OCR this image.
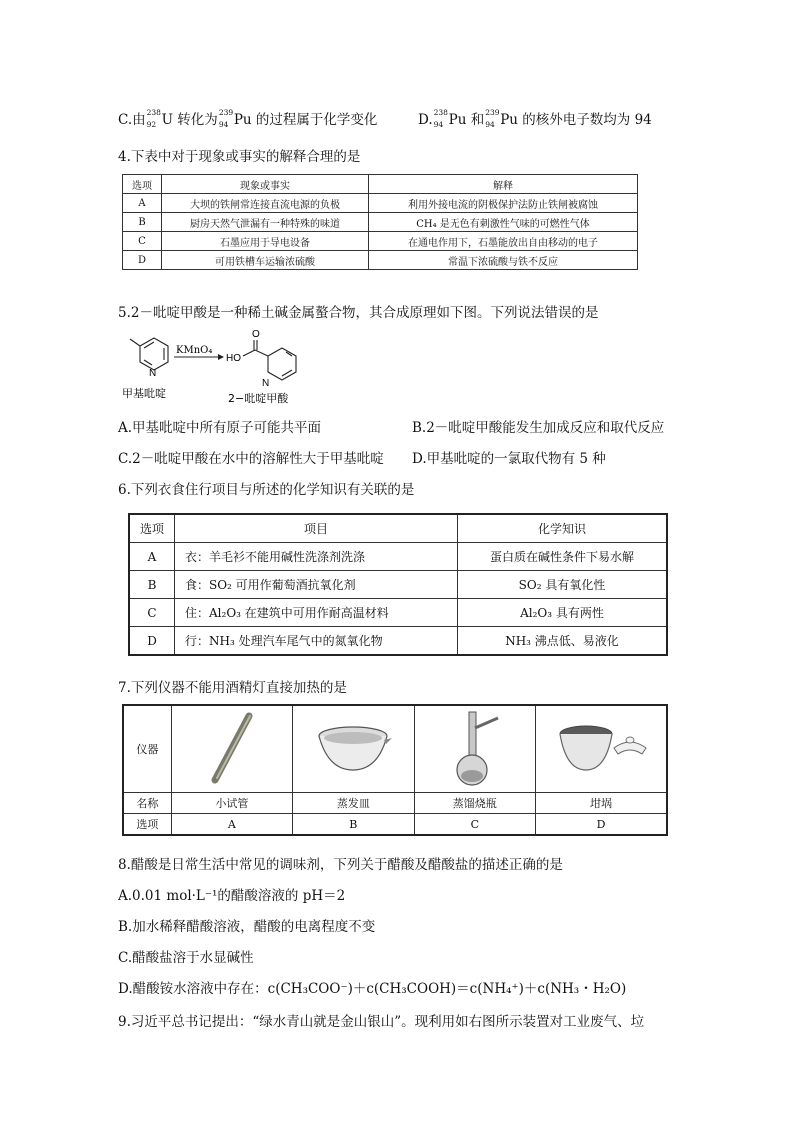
C.由 238
92 U 转化为 239
94 Pu 的过程属于化学变化	D. 238
94 Pu 和 239
94 Pu 的核外电子数均为 94
4.下表中对于现象或事实的解释合理的是
选项	现象或事实	解释
A	大坝的铁闸常连接直流电源的负极	利用外接电流的阴极保护法防止铁闸被腐蚀
B	厨房天然气泄漏有一种特殊的味道	CH₄ 是无色有刺激性气味的可燃性气体
C	石墨应用于导电设备	在通电作用下，石墨能放出自由移动的电子
D	可用铁槽车运输浓硫酸	常温下浓硫酸与铁不反应
5.2－吡啶甲酸是一种稀土碱金属螯合物，其合成原理如下图。下列说法错误的是
N
甲基吡啶
KMnO₄
O
HO
N
2−吡啶甲酸
A.甲基吡啶中所有原子可能共平面	B.2－吡啶甲酸能发生加成反应和取代反应
C.2－吡啶甲酸在水中的溶解性大于甲基吡啶 D.甲基吡啶的一氯取代物有 5 种
6.下列衣食住行项目与所述的化学知识有关联的是
选项	项目	化学知识
A	衣：羊毛衫不能用碱性洗涤剂洗涤	蛋白质在碱性条件下易水解
B	食：SO₂ 可用作葡萄酒抗氧化剂	SO₂ 具有氧化性
C	住：Al₂O₃ 在建筑中可用作耐高温材料	Al₂O₃ 具有两性
D	行：NH₃ 处理汽车尾气中的氮氧化物	NH₃ 沸点低、易液化
7.下列仪器不能用酒精灯直接加热的是
仪器				
名称	小试管	蒸发皿	蒸馏烧瓶	坩埚
选项	A	B	C	D
8.醋酸是日常生活中常见的调味剂，下列关于醋酸及醋酸盐的描述正确的是
A.0.01 mol·L⁻¹的醋酸溶液的 pH＝2
B.加水稀释醋酸溶液，醋酸的电离程度不变
C.醋酸盐溶于水显碱性
D.醋酸铵水溶液中存在：c(CH₃COO⁻)＋c(CH₃COOH)＝c(NH₄⁺)＋c(NH₃・H₂O)
9.习近平总书记提出：“绿水青山就是金山银山”。现利用如右图所示装置对工业废气、垃
